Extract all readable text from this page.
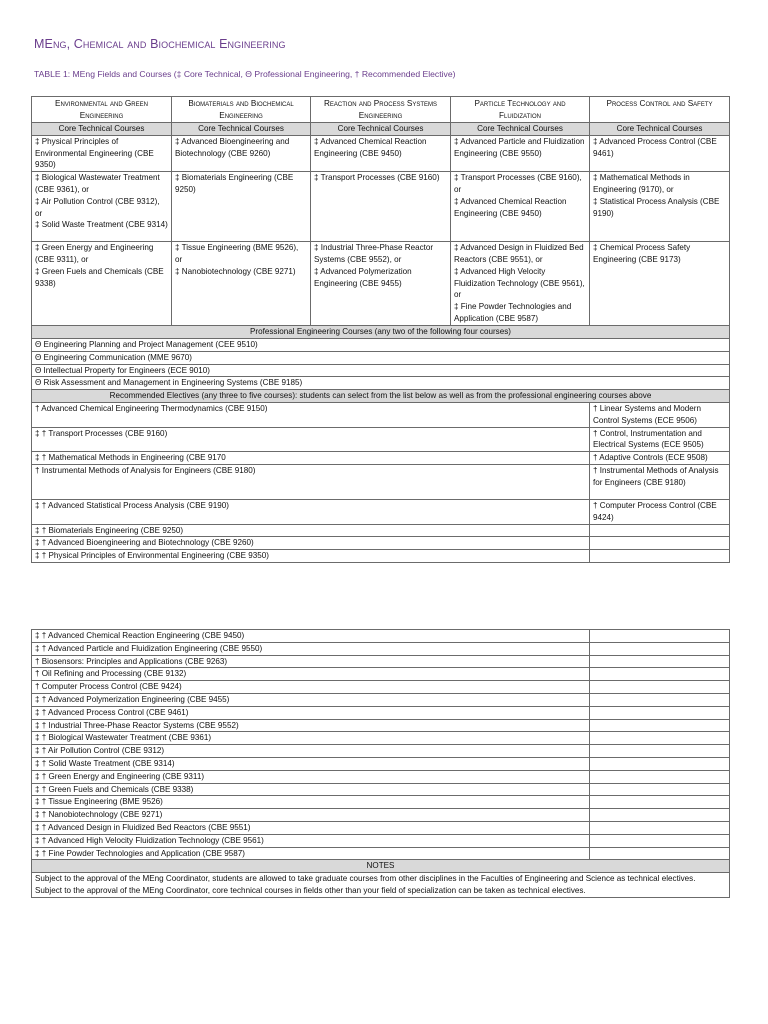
MEng, Chemical and Biochemical Engineering
TABLE 1: MEng Fields and Courses (‡ Core Technical, Θ Professional Engineering, † Recommended Elective)
Environmental and Green Engineering	Biomaterials and Biochemical Engineering	Reaction and Process Systems Engineering	Particle Technology and Fluidization	Process Control and Safety
Core Technical Courses	Core Technical Courses	Core Technical Courses	Core Technical Courses	Core Technical Courses

‡ Physical Principles of Environmental Engineering (CBE 9350)	‡ Advanced Bioengineering and Biotechnology (CBE 9260)	‡ Advanced Chemical Reaction Engineering (CBE 9450)	‡ Advanced Particle and Fluidization Engineering (CBE 9550)	‡ Advanced Process Control (CBE 9461)

‡ Biological Wastewater Treatment (CBE 9361), or
‡ Air Pollution Control (CBE 9312), or
‡ Solid Waste Treatment (CBE 9314)	‡ Biomaterials Engineering (CBE 9250)	‡ Transport Processes (CBE 9160)	‡ Transport Processes (CBE 9160), or
‡ Advanced Chemical Reaction Engineering (CBE 9450)	‡ Mathematical Methods in Engineering (9170), or
‡ Statistical Process Analysis (CBE 9190)

‡ Green Energy and Engineering (CBE 9311), or
‡ Green Fuels and Chemicals (CBE 9338)	‡ Tissue Engineering (BME 9526), or
‡ Nanobiotechnology (CBE 9271)	‡ Industrial Three-Phase Reactor Systems (CBE 9552), or
‡ Advanced Polymerization Engineering (CBE 9455)	‡ Advanced Design in Fluidized Bed Reactors (CBE 9551), or
‡ Advanced High Velocity Fluidization Technology (CBE 9561), or
‡ Fine Powder Technologies and Application (CBE 9587)	‡ Chemical Process Safety Engineering (CBE 9173)

Professional Engineering Courses (any two of the following four courses)				
Θ Engineering Planning and Project Management (CEE 9510)				
Θ Engineering Communication (MME 9670)				
Θ Intellectual Property for Engineers (ECE 9010)				
Θ Risk Assessment and Management in Engineering Systems (CBE 9185)				
Recommended Electives (any three to five courses): students can select from the list below as well as from the professional engineering courses above				
† Advanced Chemical Engineering Thermodynamics (CBE 9150)				† Linear Systems and Modern Control Systems (ECE 9506)
‡ † Transport Processes (CBE 9160)				† Control, Instrumentation and Electrical Systems (ECE 9505)
‡ † Mathematical Methods in Engineering (CBE 9170				† Adaptive Controls (ECE 9508)
† Instrumental Methods of Analysis for Engineers (CBE 9180)				† Instrumental Methods of Analysis for Engineers (CBE 9180)
‡ † Advanced Statistical Process Analysis (CBE 9190)				† Computer Process Control (CBE 9424)
‡ † Biomaterials Engineering (CBE 9250)				
‡ † Advanced Bioengineering and Biotechnology (CBE 9260)				
‡ † Physical Principles of Environmental Engineering (CBE 9350)				
‡ † Advanced Chemical Reaction Engineering (CBE 9450)	
‡ † Advanced Particle and Fluidization Engineering (CBE 9550)	
† Biosensors: Principles and Applications (CBE 9263)	
† Oil Refining and Processing (CBE 9132)	
† Computer Process Control (CBE 9424)	
‡ † Advanced Polymerization Engineering (CBE 9455)	
‡ † Advanced Process Control (CBE 9461)	
‡ † Industrial Three-Phase Reactor Systems (CBE 9552)	
‡ † Biological Wastewater Treatment (CBE 9361)	
‡ † Air Pollution Control (CBE 9312)	
‡ † Solid Waste Treatment (CBE 9314)	
‡ † Green Energy and Engineering (CBE 9311)	
‡ † Green Fuels and Chemicals (CBE 9338)	
‡ † Tissue Engineering (BME 9526)	
‡ † Nanobiotechnology (CBE 9271)	
‡ † Advanced Design in Fluidized Bed Reactors (CBE 9551)	
‡ † Advanced High Velocity Fluidization Technology (CBE 9561)	
‡ † Fine Powder Technologies and Application (CBE 9587)	
NOTES	

Subject to the approval of the MEng Coordinator, students are allowed to take graduate courses from other disciplines in the Faculties of Engineering and Science as technical electives.
Subject to the approval of the MEng Coordinator, core technical courses in fields other than your field of specialization can be taken as technical electives.	
